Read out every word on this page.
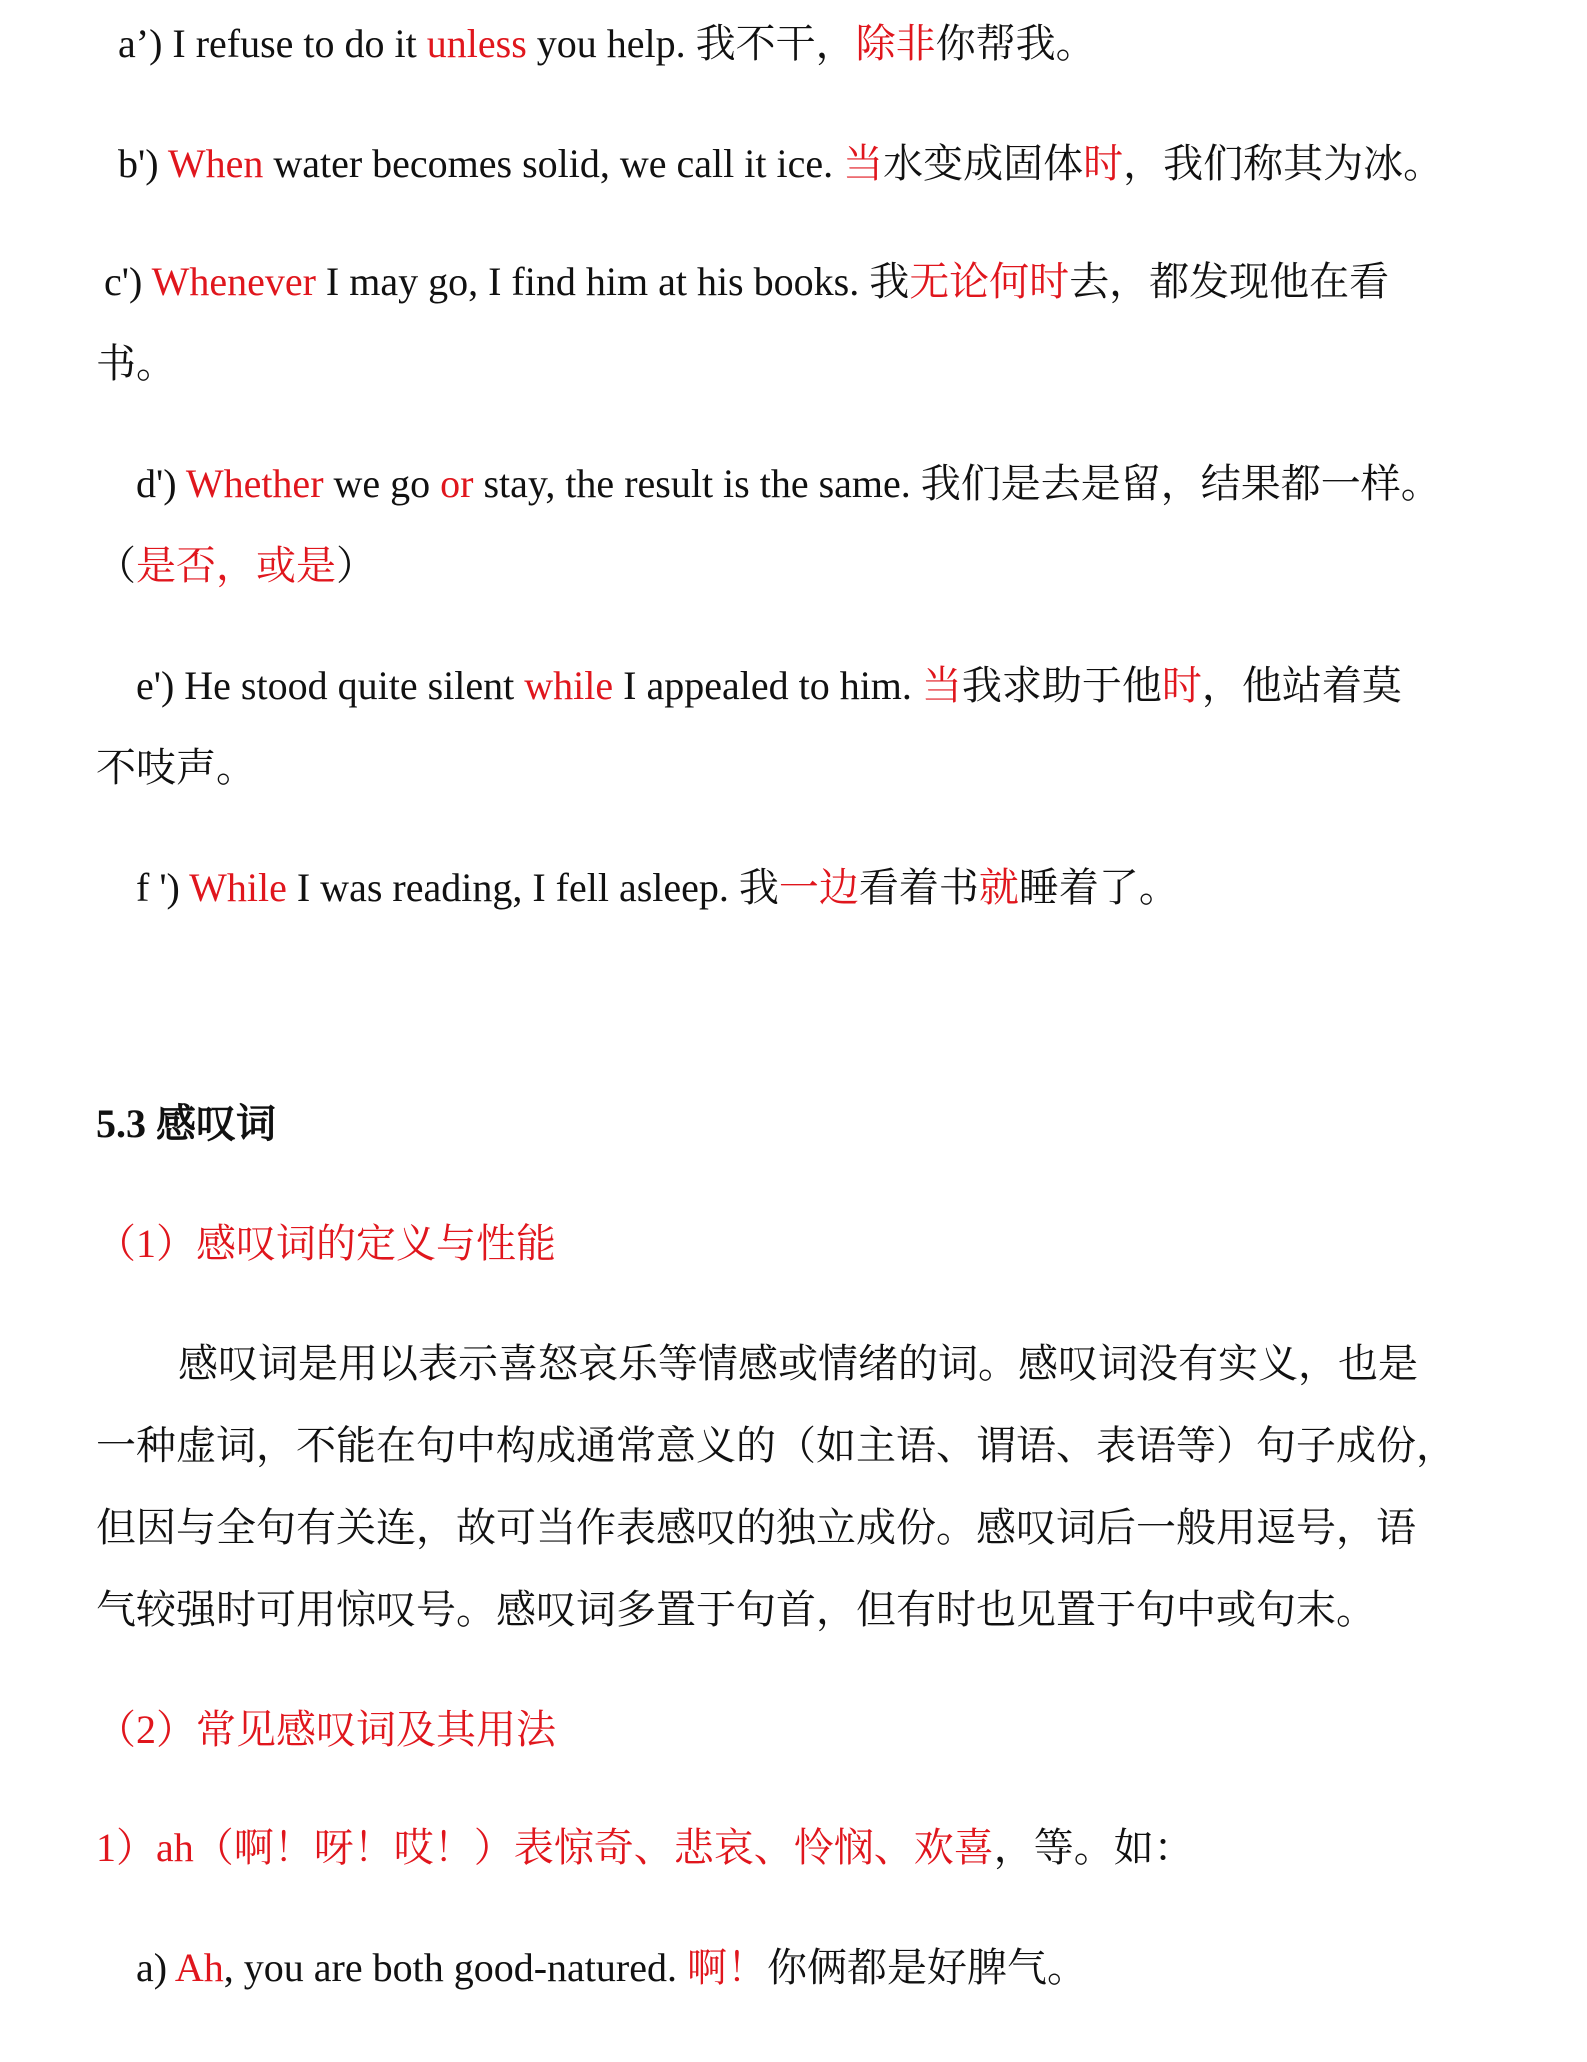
a’) I refuse to do it unless you help. 我不干，除非你帮我。
b') When water becomes solid, we call it ice. 当水变成固体时，我们称其为冰。
c') Whenever I may go, I find him at his books. 我无论何时去，都发现他在看
书。
d') Whether we go or stay, the result is the same. 我们是去是留，结果都一样。
（是否，或是）
e') He stood quite silent while I appealed to him. 当我求助于他时，他站着莫
不吱声。
f ') While I was reading, I fell asleep. 我一边看着书就睡着了。
5.3 感叹词
（1）感叹词的定义与性能
感叹词是用以表示喜怒哀乐等情感或情绪的词。感叹词没有实义，也是
一种虚词，不能在句中构成通常意义的（如主语、谓语、表语等）句子成份，
但因与全句有关连，故可当作表感叹的独立成份。感叹词后一般用逗号，语
气较强时可用惊叹号。感叹词多置于句首，但有时也见置于句中或句末。
（2）常见感叹词及其用法
1）ah（啊！呀！哎！）表惊奇、悲哀、怜悯、欢喜，等。如：
a) Ah, you are both good-natured. 啊！你俩都是好脾气。
